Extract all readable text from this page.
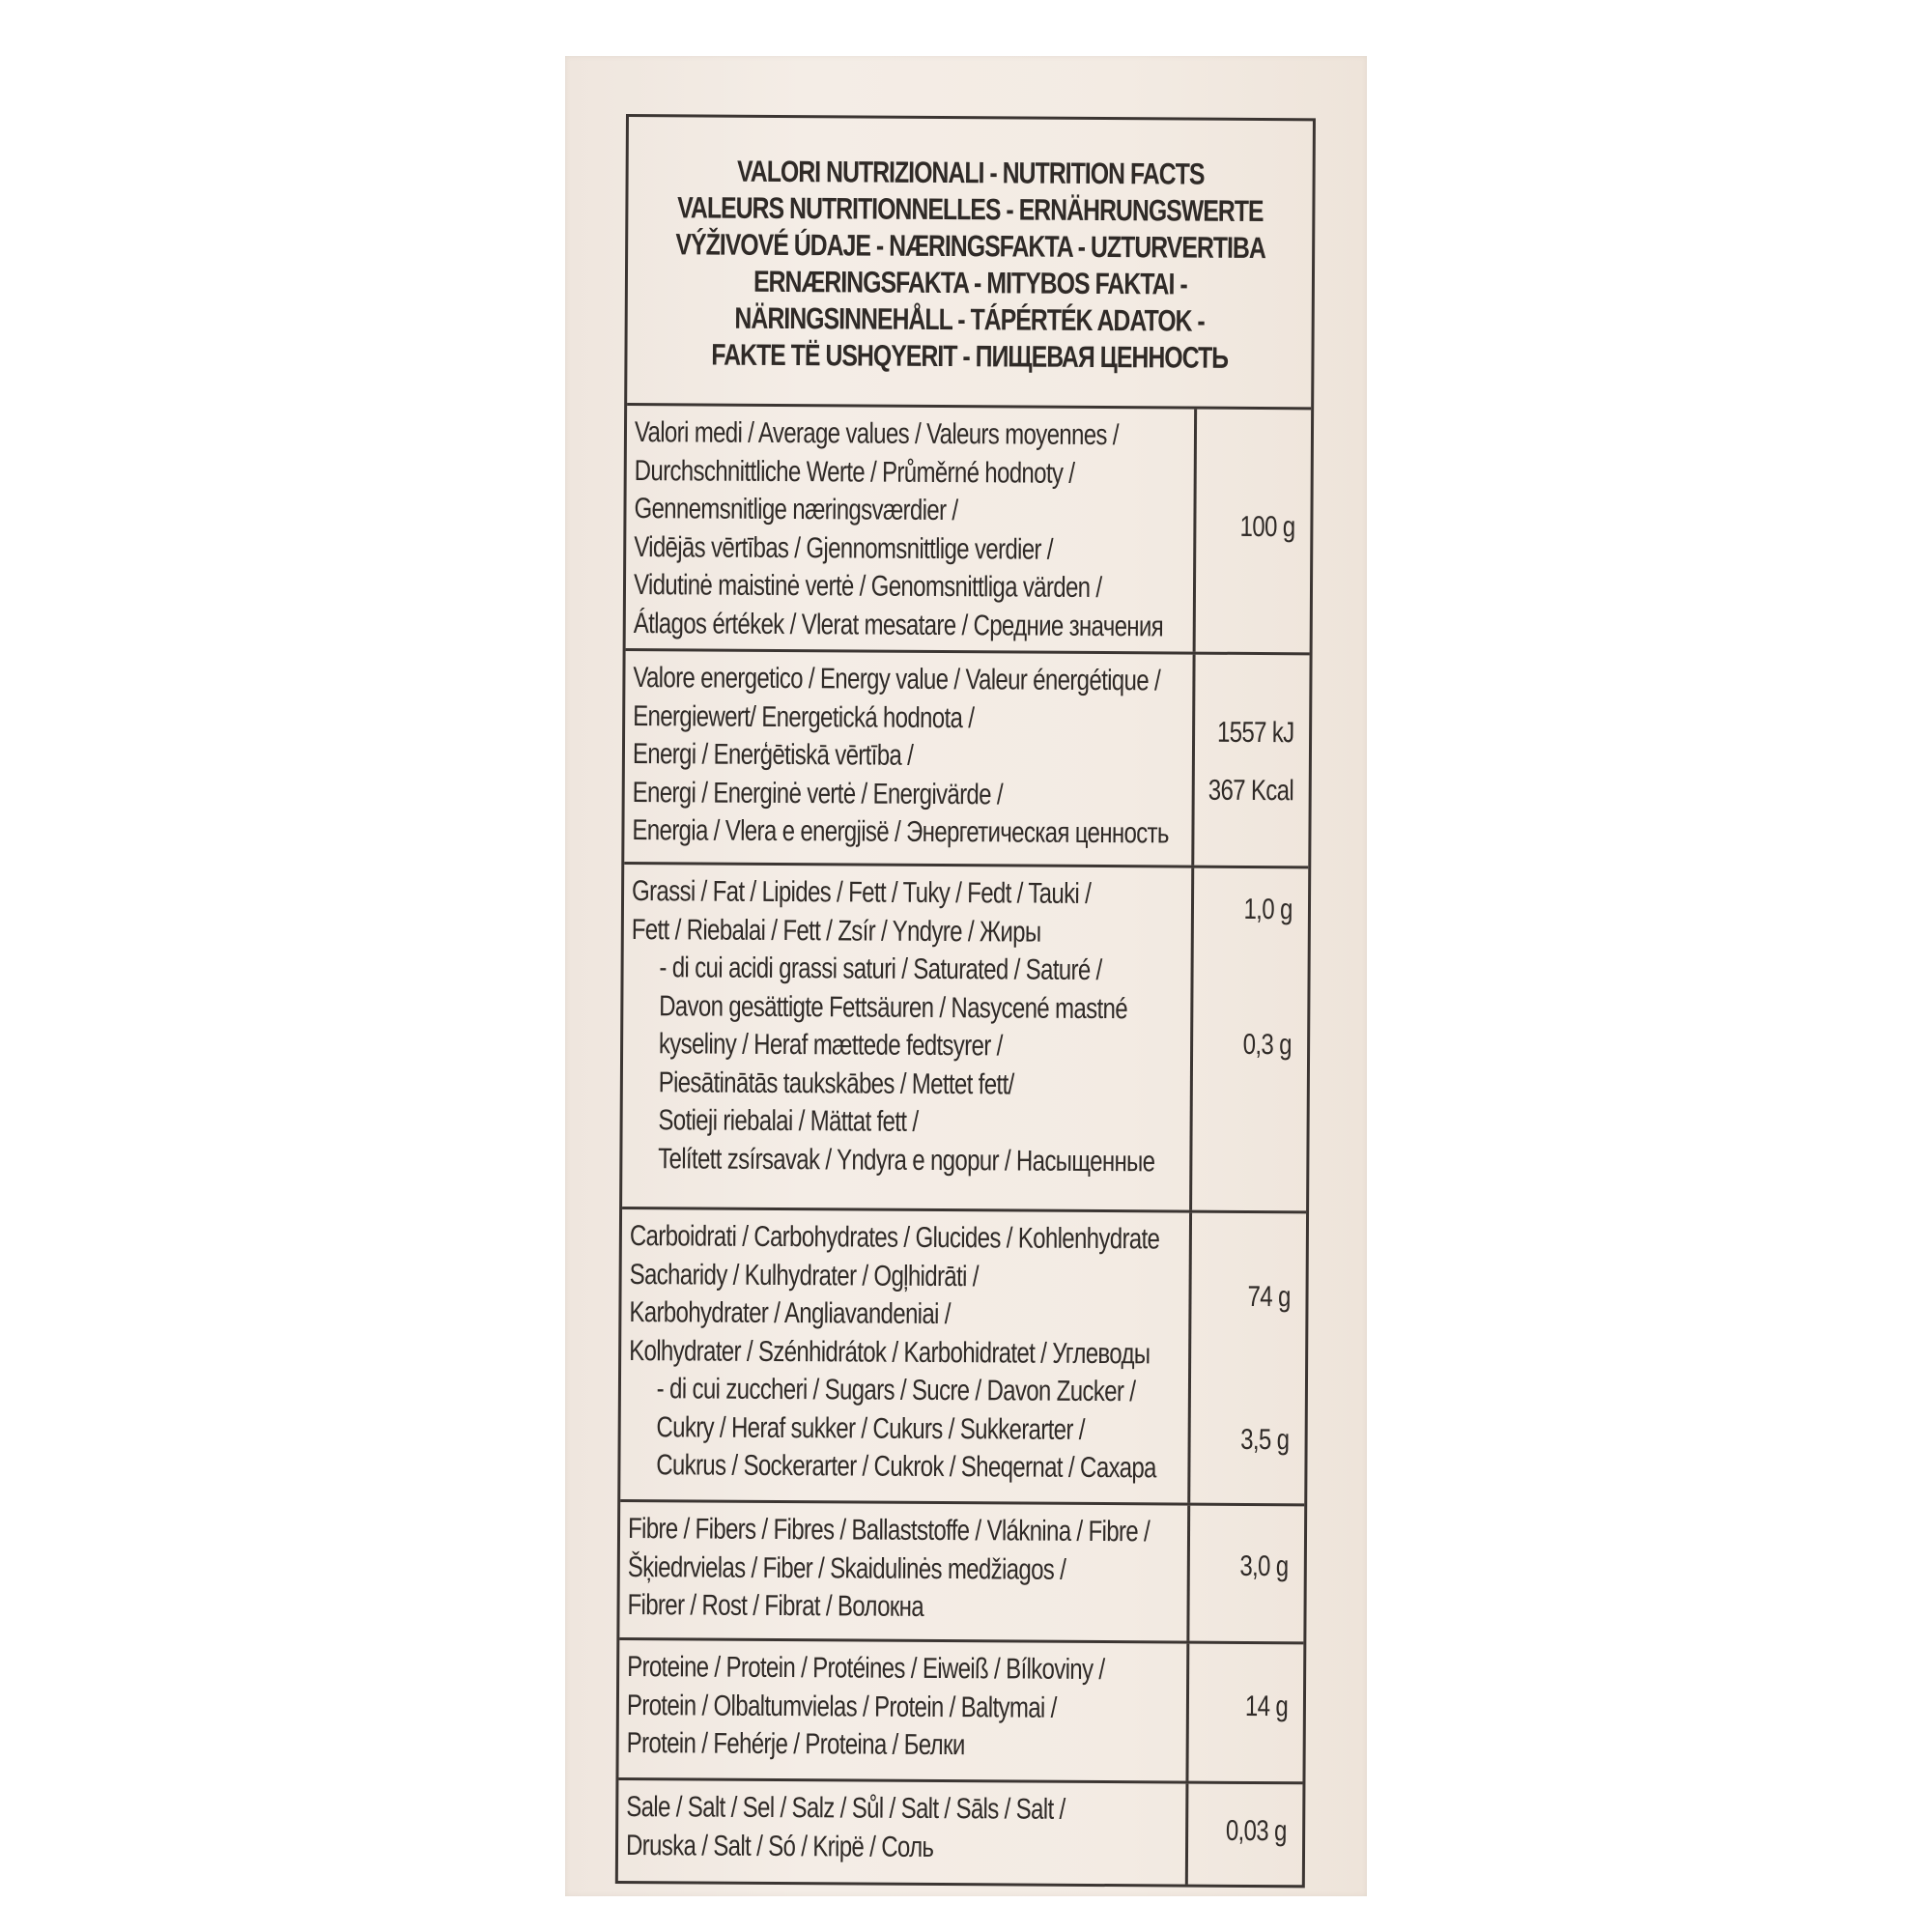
VALORI NUTRIZIONALI - NUTRITION FACTS
VALEURS NUTRITIONNELLES - ERNÄHRUNGSWERTE
VÝŽIVOVÉ ÚDAJE - NÆRINGSFAKTA - UZTURVERTIBA
ERNÆRINGSFAKTA - MITYBOS FAKTAI -
NÄRINGSINNEHÅLL - TÁPÉRTÉK ADATOK -
FAKTE TË USHQYERIT - ПИЩЕВАЯ ЦЕННОСТЬ
Valori medi / Average values / Valeurs moyennes /
Durchschnittliche Werte / Průměrné hodnoty /
Gennemsnitlige næringsværdier /
Vidējās vērtības / Gjennomsnittlige verdier /
Vidutinė maistinė vertė / Genomsnittliga värden /
Átlagos értékek / Vlerat mesatare / Средние значения
100 g
Valore energetico / Energy value / Valeur énergétique /
Energiewert/ Energetická hodnota /
Energi / Enerģētiskā vērtība /
Energi / Energinė vertė / Energivärde /
Energia / Vlera e energjisë / Энергетическая ценность
1557 kJ
367 Kcal
Grassi / Fat / Lipides / Fett / Tuky / Fedt / Tauki /
Fett / Riebalai / Fett / Zsír / Yndyre / Жиры
- di cui acidi grassi saturi / Saturated / Saturé /
Davon gesättigte Fettsäuren / Nasycené mastné
kyseliny / Heraf mættede fedtsyrer /
Piesātinātās taukskābes / Mettet fett/
Sotieji riebalai / Mättat fett /
Telített zsírsavak / Yndyra e ngopur / Насыщенные
1,0 g
0,3 g
Carboidrati / Carbohydrates / Glucides / Kohlenhydrate
Sacharidy / Kulhydrater / Ogļhidrāti /
Karbohydrater / Angliavandeniai /
Kolhydrater / Szénhidrátok / Karbohidratet / Углеводы
- di cui zuccheri / Sugars / Sucre / Davon Zucker /
Cukry / Heraf sukker / Cukurs / Sukkerarter /
Cukrus / Sockerarter / Cukrok / Sheqernat / Сахара
74 g
3,5 g
Fibre / Fibers / Fibres / Ballaststoffe / Vláknina / Fibre /
Šķiedrvielas / Fiber / Skaidulinės medžiagos /
Fibrer / Rost / Fibrat / Волокна
3,0 g
Proteine / Protein / Protéines / Eiweiß / Bílkoviny /
Protein / Olbaltumvielas / Protein / Baltymai /
Protein / Fehérje / Proteina / Белки
14 g
Sale / Salt / Sel / Salz / Sůl / Salt / Sāls / Salt /
Druska / Salt / Só / Kripë / Соль	0,03 g
